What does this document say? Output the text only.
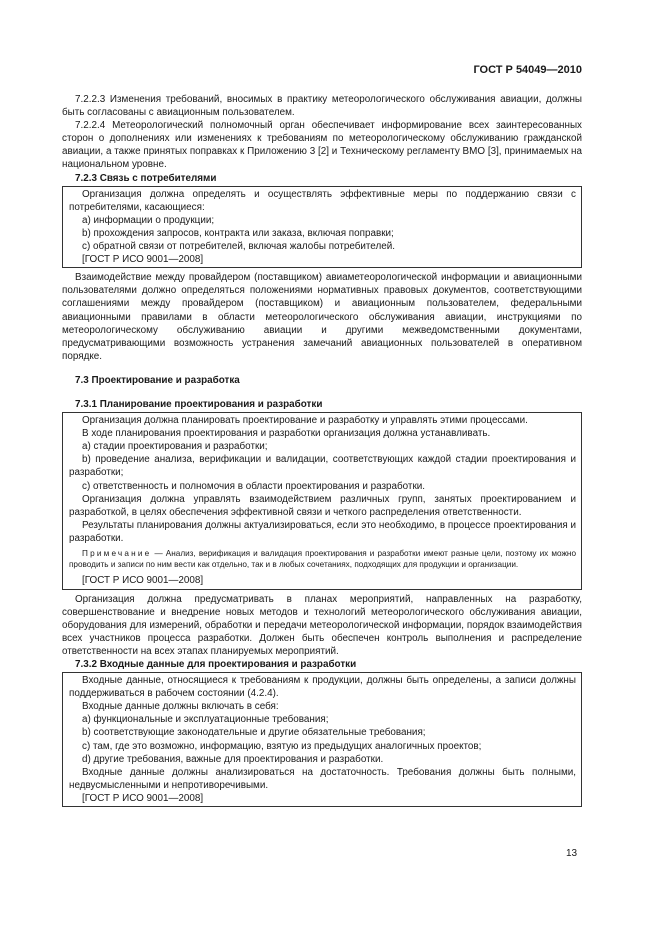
ГОСТ Р 54049—2010

7.2.2.3 Изменения требований, вносимых в практику метеорологического обслуживания авиации, должны быть согласованы с авиационным пользователем.

7.2.2.4 Метеорологический полномочный орган обеспечивает информирование всех заинтересованных сторон о дополнениях или изменениях к требованиям по метеорологическому обслуживанию гражданской авиации, а также принятых поправках к Приложению 3 [2] и Техническому регламенту ВМО [3], принимаемых на национальном уровне.

7.2.3 Связь с потребителями

Организация должна определять и осуществлять эффективные меры по поддержанию связи с потребителями, касающиеся:

a) информации о продукции;

b) прохождения запросов, контракта или заказа, включая поправки;

c) обратной связи от потребителей, включая жалобы потребителей.

[ГОСТ Р ИСО 9001—2008]

Взаимодействие между провайдером (поставщиком) авиаметеорологической информации и авиационными пользователями должно определяться положениями нормативных правовых документов, соответствующими соглашениями между провайдером (поставщиком) и авиационным пользователем, федеральными авиационными правилами в области метеорологического обслуживания авиации, инструкциями по метеорологическому обслуживанию авиации и другими межведомственными документами, предусматривающими возможность устранения замечаний авиационных пользователей в оперативном порядке.

7.3 Проектирование и разработка

7.3.1 Планирование проектирования и разработки

Организация должна планировать проектирование и разработку и управлять этими процессами.

В ходе планирования проектирования и разработки организация должна устанавливать.

a) стадии проектирования и разработки;

b) проведение анализа, верификации и валидации, соответствующих каждой стадии проектирования и разработки;

c) ответственность и полномочия в области проектирования и разработки.

Организация должна управлять взаимодействием различных групп, занятых проектированием и разработкой, в целях обеспечения эффективной связи и четкого распределения ответственности.

Результаты планирования должны актуализироваться, если это необходимо, в процессе проектирования и разработки.

Примечание — Анализ, верификация и валидация проектирования и разработки имеют разные цели, поэтому их можно проводить и записи по ним вести как отдельно, так и в любых сочетаниях, подходящих для продукции и организации.

[ГОСТ Р ИСО 9001—2008]

Организация должна предусматривать в планах мероприятий, направленных на разработку, совершенствование и внедрение новых методов и технологий метеорологического обслуживания авиации, оборудования для измерений, обработки и передачи метеорологической информации, порядок взаимодействия всех участников процесса разработки. Должен быть обеспечен контроль выполнения и распределение ответственности на всех этапах планируемых мероприятий.

7.3.2 Входные данные для проектирования и разработки

Входные данные, относящиеся к требованиям к продукции, должны быть определены, а записи должны поддерживаться в рабочем состоянии (4.2.4).

Входные данные должны включать в себя:

a) функциональные и эксплуатационные требования;

b) соответствующие законодательные и другие обязательные требования;

c) там, где это возможно, информацию, взятую из предыдущих аналогичных проектов;

d) другие требования, важные для проектирования и разработки.

Входные данные должны анализироваться на достаточность. Требования должны быть полными, недвусмысленными и непротиворечивыми.

[ГОСТ Р ИСО 9001—2008]

13
